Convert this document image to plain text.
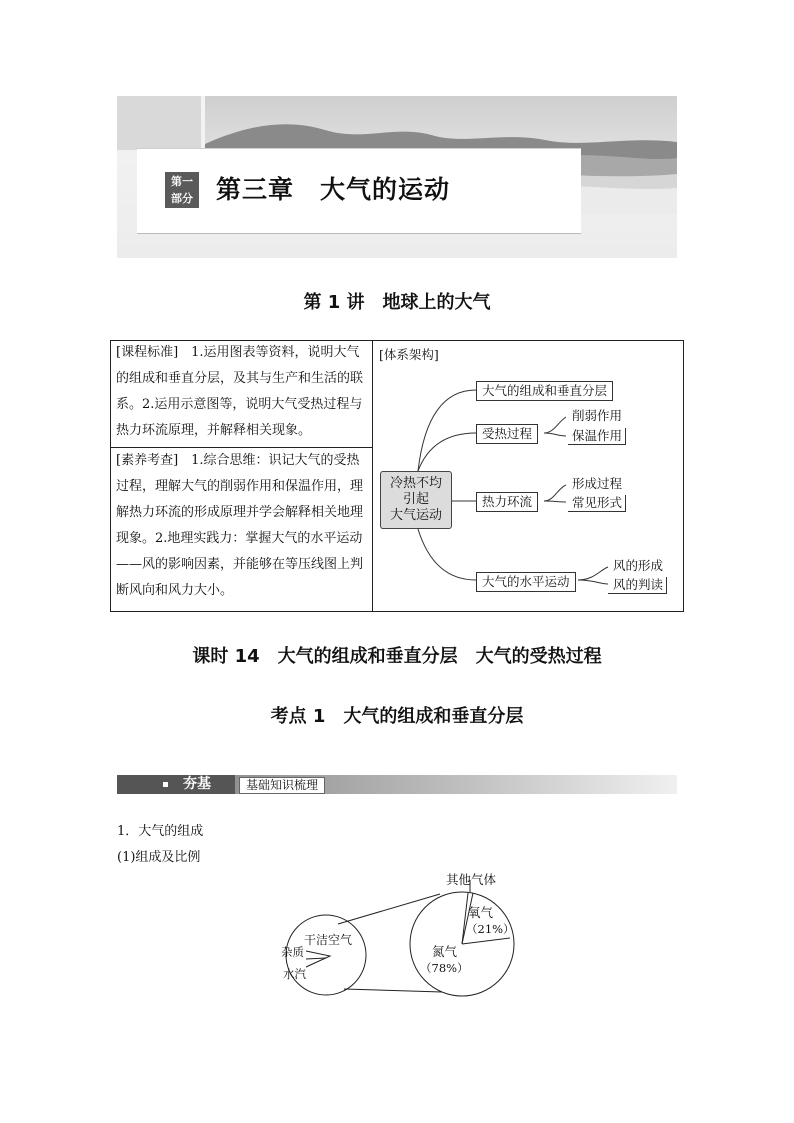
第一
部分 第三章　大气的运动
第 1 讲　地球上的大气
[课程标准]　1.运用图表等资料，说明大气的组成和垂直分层，及其与生产和生活的联系。2.运用示意图等，说明大气受热过程与热力环流原理，并解释相关现象。
[素养考查]　1.综合思维：识记大气的受热过程，理解大气的削弱作用和保温作用，理解热力环流的形成原理并学会解释相关地理现象。2.地理实践力：掌握大气的水平运动——风的影响因素，并能够在等压线图上判断风向和风力大小。
[体系架构]
冷热不均
引起
大气运动
大气的组成和垂直分层
受热过程
削弱作用
保温作用
热力环流
形成过程
常见形式
大气的水平运动
风的形成
风的判读
课时 14　大气的组成和垂直分层　大气的受热过程
考点 1　大气的组成和垂直分层
夯基	基础知识梳理
1．大气的组成
(1)组成及比例
其他气体
氧气
（21%）
氮气
（78%）
干洁空气
杂质
水汽
